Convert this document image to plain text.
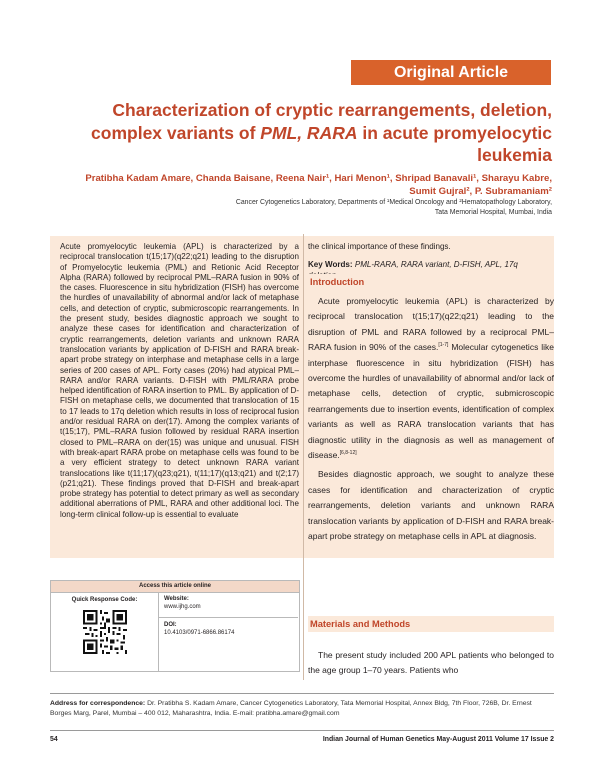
Original Article
Characterization of cryptic rearrangements, deletion, complex variants of PML, RARA in acute promyelocytic leukemia
Pratibha Kadam Amare, Chanda Baisane, Reena Nair¹, Hari Menon¹, Shripad Banavali¹, Sharayu Kabre, Sumit Gujral², P. Subramaniam²
Cancer Cytogenetics Laboratory, Departments of ¹Medical Oncology and ²Hematopathology Laboratory,
Tata Memorial Hospital, Mumbai, India
Acute promyelocytic leukemia (APL) is characterized by a reciprocal translocation t(15;17)(q22;q21) leading to the disruption of Promyelocytic leukemia (PML) and Retionic Acid Receptor Alpha (RARA) followed by reciprocal PML–RARA fusion in 90% of the cases. Fluorescence in situ hybridization (FISH) has overcome the hurdles of unavailability of abnormal and/or lack of metaphase cells, and detection of cryptic, submicroscopic rearrangements. In the present study, besides diagnostic approach we sought to analyze these cases for identification and characterization of cryptic rearrangements, deletion variants and unknown RARA translocation variants by application of D-FISH and RARA break-apart probe strategy on interphase and metaphase cells in a large series of 200 cases of APL. Forty cases (20%) had atypical PML–RARA and/or RARA variants. D-FISH with PML/RARA probe helped identification of RARA insertion to PML. By application of D-FISH on metaphase cells, we documented that translocation of 15 to 17 leads to 17q deletion which results in loss of reciprocal fusion and/or residual RARA on der(17). Among the complex variants of t(15;17), PML–RARA fusion followed by residual RARA insertion closed to PML–RARA on der(15) was unique and unusual. FISH with break-apart RARA probe on metaphase cells was found to be a very efficient strategy to detect unknown RARA variant translocations like t(11;17)(q23;q21), t(11;17)(q13;q21) and t(2;17)(p21;q21). These findings proved that D-FISH and break-apart probe strategy has potential to detect primary as well as secondary additional aberrations of PML, RARA and other additional loci. The long-term clinical follow-up is essential to evaluate
the clinical importance of these findings.
Key Words: PML-RARA, RARA variant, D-FISH, APL, 17q
Access this article online
Quick Response Code:	Website:
www.ijhg.com
DOI:
10.4103/0971-6866.86174
Introduction

Acute promyelocytic leukemia (APL) is characterized by reciprocal translocation t(15;17)(q22;q21) leading to the disruption of PML and RARA followed by a reciprocal PML–RARA fusion in 90% of the cases.[1-7] Molecular cytogenetics like interphase fluorescence in situ hybridization (FISH) has overcome the hurdles of unavailability of abnormal and/or lack of metaphase cells, detection of cryptic, submicroscopic rearrangements due to insertion events, identification of complex variants as well as RARA translocation variants that has diagnostic utility in the diagnosis as well as management of disease.[6,8-12]

Besides diagnostic approach, we sought to analyze these cases for identification and characterization of cryptic rearrangements, deletion variants and unknown RARA translocation variants by application of D-FISH and RARA break-apart probe strategy on metaphase cells in APL at diagnosis.

Materials and Methods

The present study included 200 APL patients who belonged to the age group 1–70 years. Patients who

Address for correspondence: Dr. Pratibha S. Kadam Amare, Cancer Cytogenetics Laboratory, Tata Memorial Hospital, Annex Bldg, 7th Floor, 726B, Dr. Ernest Borges Marg, Parel, Mumbai – 400 012, Maharashtra, India. E-mail: pratibha.amare@gmail.com
54	Indian Journal of Human Genetics May-August 2011 Volume 17 Issue 2
